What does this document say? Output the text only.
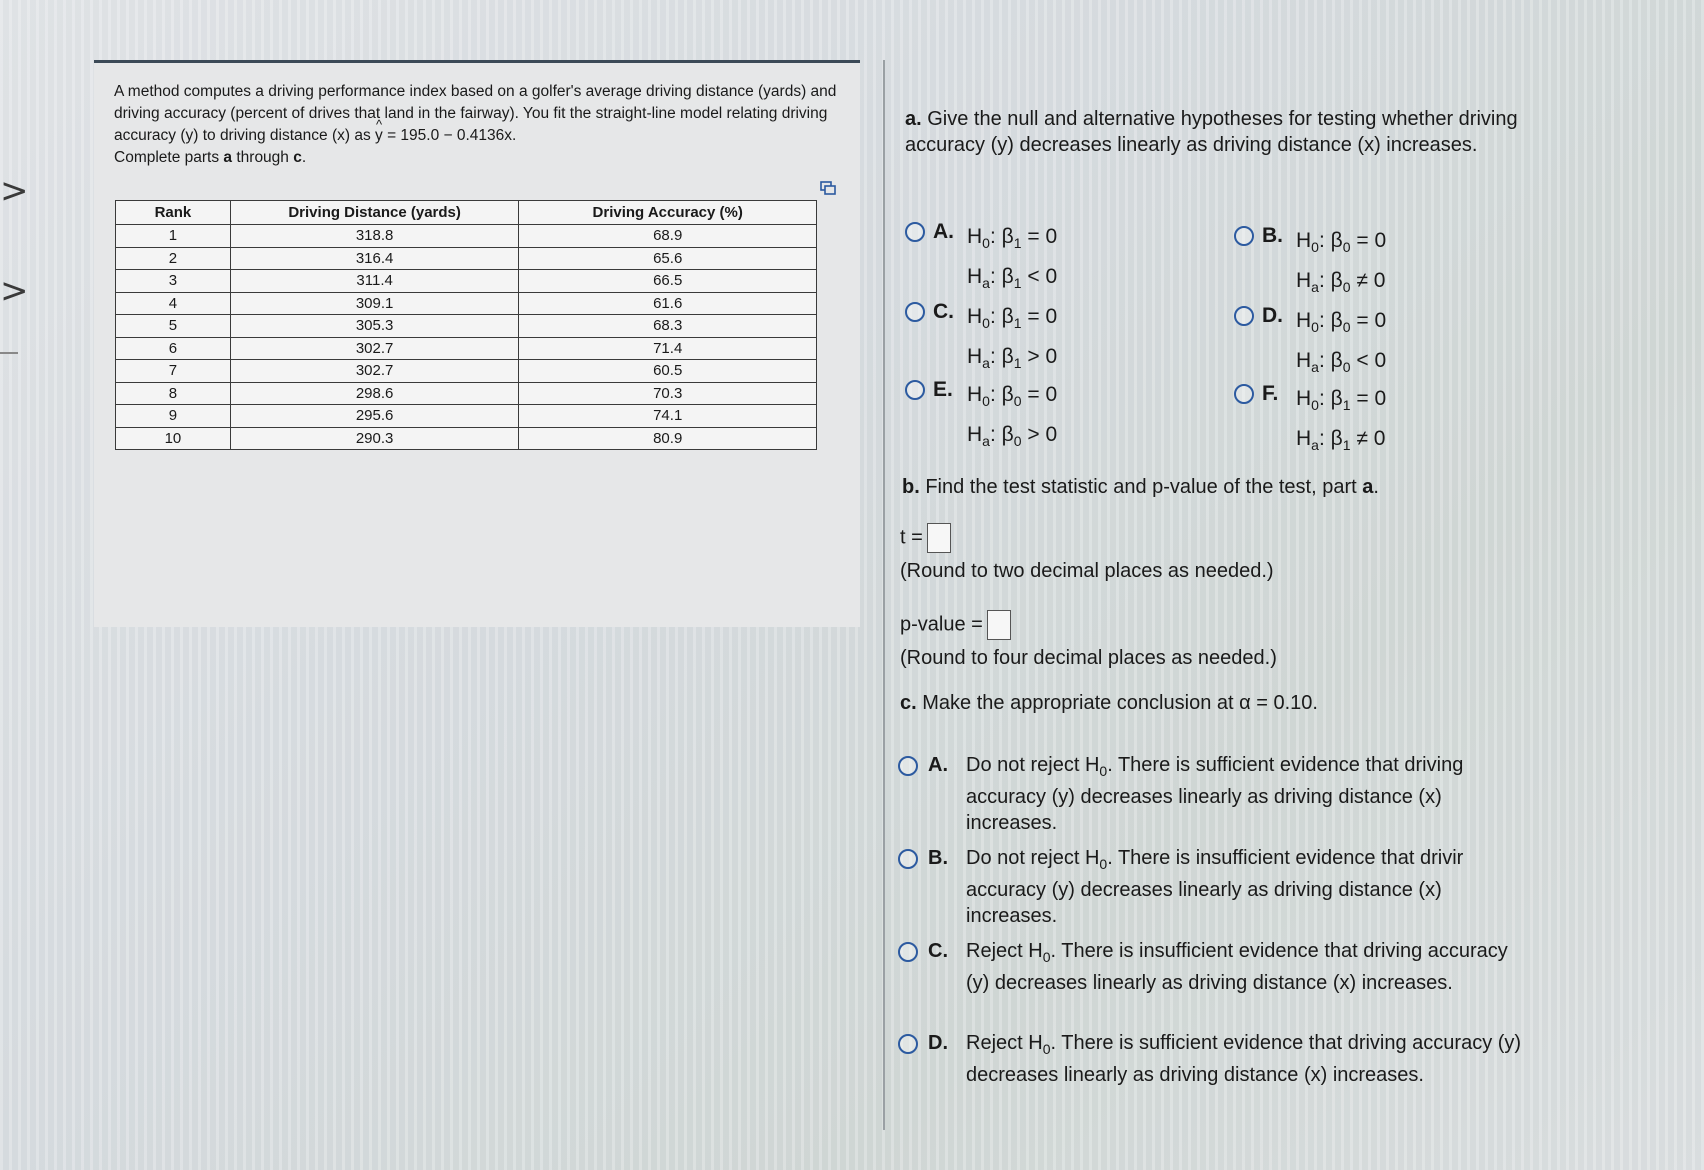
>
>
A method computes a driving performance index based on a golfer's average driving distance (yards) and driving accuracy (percent of drives that land in the fairway). You fit the straight-line model relating driving accuracy (y) to driving distance (x) as ^ y = 195.0 − 0.4136x.
Complete parts a through c.
Rank	Driving Distance (yards)	Driving Accuracy (%)
1	318.8	68.9
2	316.4	65.6
3	311.4	66.5
4	309.1	61.6
5	305.3	68.3
6	302.7	71.4
7	302.7	60.5
8	298.6	70.3
9	295.6	74.1
10	290.3	80.9
a. Give the null and alternative hypotheses for testing whether driving accuracy (y) decreases linearly as driving distance (x) increases.
A. $H_0$: $\beta_1 = 0$
$H_a$: $\beta_1 < 0$
B. $H_0$: $\beta_0 = 0$
$H_a$: $\beta_0 \ne 0$
C. $H_0$: $\beta_1 = 0$
$H_a$: $\beta_1 > 0$
D. $H_0$: $\beta_0 = 0$
$H_a$: $\beta_0 < 0$
E. $H_0$: $\beta_0 = 0$
$H_a$: $\beta_0 > 0$
F. $H_0$: $\beta_1 = 0$
$H_a$: $\beta_1 \ne 0$
b. Find the test statistic and p-value of the test, part a.
t =
(Round to two decimal places as needed.)
p-value =
(Round to four decimal places as needed.)
c. Make the appropriate conclusion at α = 0.10.
A. Do not reject $H_0$. There is sufficient evidence that driving accuracy (y) decreases linearly as driving distance (x) increases.
B. Do not reject $H_0$. There is insufficient evidence that drivir accuracy (y) decreases linearly as driving distance (x) increases.
C. Reject $H_0$. There is insufficient evidence that driving accuracy (y) decreases linearly as driving distance (x) increases.
D. Reject $H_0$. There is sufficient evidence that driving accuracy (y) decreases linearly as driving distance (x) increases.
